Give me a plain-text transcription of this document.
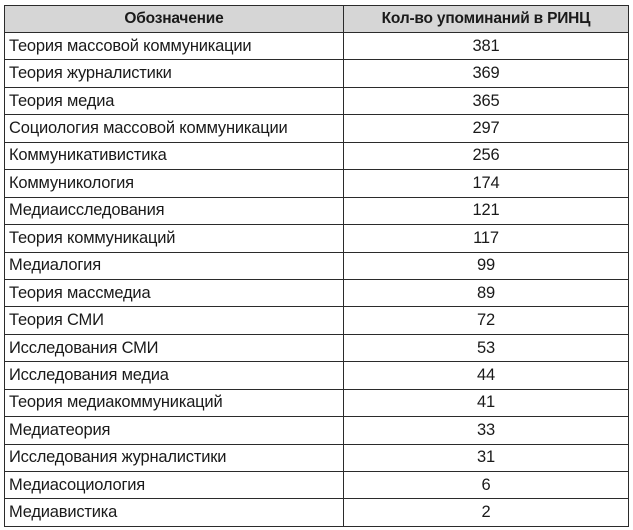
Обозначение	Кол-во упоминаний в РИНЦ
Теория массовой коммуникации	381
Теория журналистики	369
Теория медиа	365
Социология массовой коммуникации	297
Коммуникативистика	256
Коммуникология	174
Медиаисследования	121
Теория коммуникаций	117
Медиалогия	99
Теория массмедиа	89
Теория СМИ	72
Исследования СМИ	53
Исследования медиа	44
Теория медиакоммуникаций	41
Медиатеория	33
Исследования журналистики	31
Медиасоциология	6
Медиавистика	2
